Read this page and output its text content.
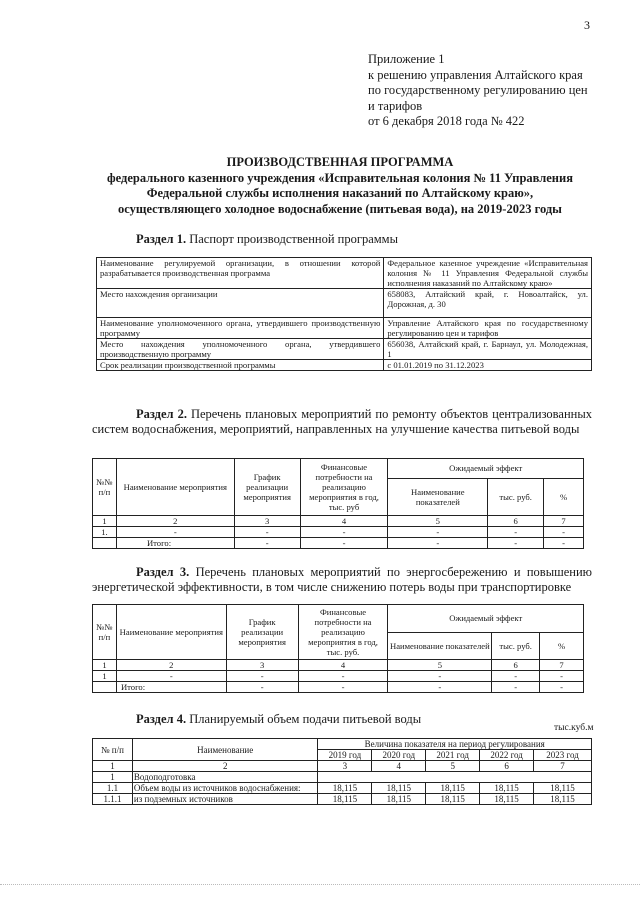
3
Приложение 1
к решению управления Алтайского края
по государственному регулированию цен
и тарифов
от 6 декабря 2018 года № 422
ПРОИЗВОДСТВЕННАЯ ПРОГРАММА
федерального казенного учреждения «Исправительная колония № 11 Управления
Федеральной службы исполнения наказаний по Алтайскому краю»,
осуществляющего холодное водоснабжение (питьевая вода), на 2019-2023 годы
Раздел 1. Паспорт производственной программы
Наименование регулируемой организации, в отношении которой разрабатывается производственная программа	Федеральное казенное учреждение «Исправительная колония № 11 Управления Федеральной службы исполнения наказаний по Алтайскому краю»
Место нахождения организации	658083, Алтайский край, г. Новоалтайск, ул. Дорожная, д. 30
Наименование уполномоченного органа, утвердившего производственную программу	Управление Алтайского края по государственному регулированию цен и тарифов
Место нахождения уполномоченного органа, утвердившего производственную программу	656038, Алтайский край, г. Барнаул, ул. Молодежная, 1
Срок реализации производственной программы	с 01.01.2019 по 31.12.2023
Раздел 2. Перечень плановых мероприятий по ремонту объектов централизованных систем водоснабжения, мероприятий, направленных на улучшение качества питьевой воды
№№ п/п	Наименование мероприятия	График реализации мероприятия	Финансовые потребности на реализацию мероприятия в год, тыс. руб	Ожидаемый эффект		
				Наименование показателей	тыс. руб.	%
1	2	3	4	5	6	7
1.	-	-	-	-	-	-
	Итого:	-	-	-	-	-
Раздел 3. Перечень плановых мероприятий по энергосбережению и повышению энергетической эффективности, в том числе снижению потерь воды при транспортировке
№№ п/п	Наименование мероприятия	График реализации мероприятия	Финансовые потребности на реализацию мероприятия в год, тыс. руб.	Ожидаемый эффект		
				Наименование показателей	тыс. руб.	%
1	2	3	4	5	6	7
1	-	-	-	-	-	-
	Итого:	-	-	-	-	-
Раздел 4. Планируемый объем подачи питьевой воды
тыс.куб.м
№ п/п	Наименование	Величина показателя на период регулирования				
		2019 год	2020 год	2021 год	2022 год	2023 год
1	2	3	4	5	6	7
1	Водоподготовка					
1.1	Объем воды из источников водоснабжения:	18,115	18,115	18,115	18,115	18,115
1.1.1	из подземных источников	18,115	18,115	18,115	18,115	18,115
